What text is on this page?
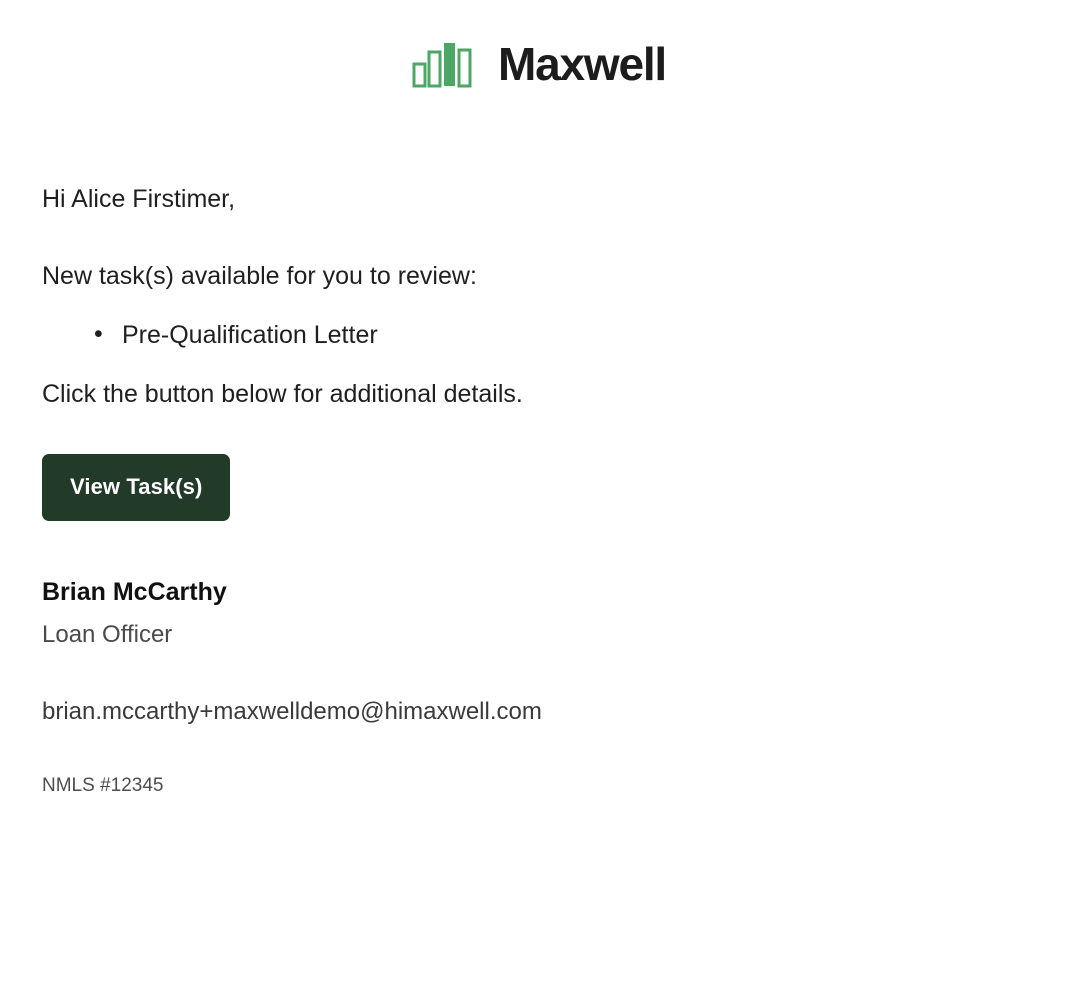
Maxwell

Hi Alice Firstimer,

New task(s) available for you to review:

• Pre-Qualification Letter

Click the button below for additional details.

View Task(s)

Brian McCarthy

Loan Officer

brian.mccarthy+maxwelldemo@himaxwell.com

NMLS #12345
